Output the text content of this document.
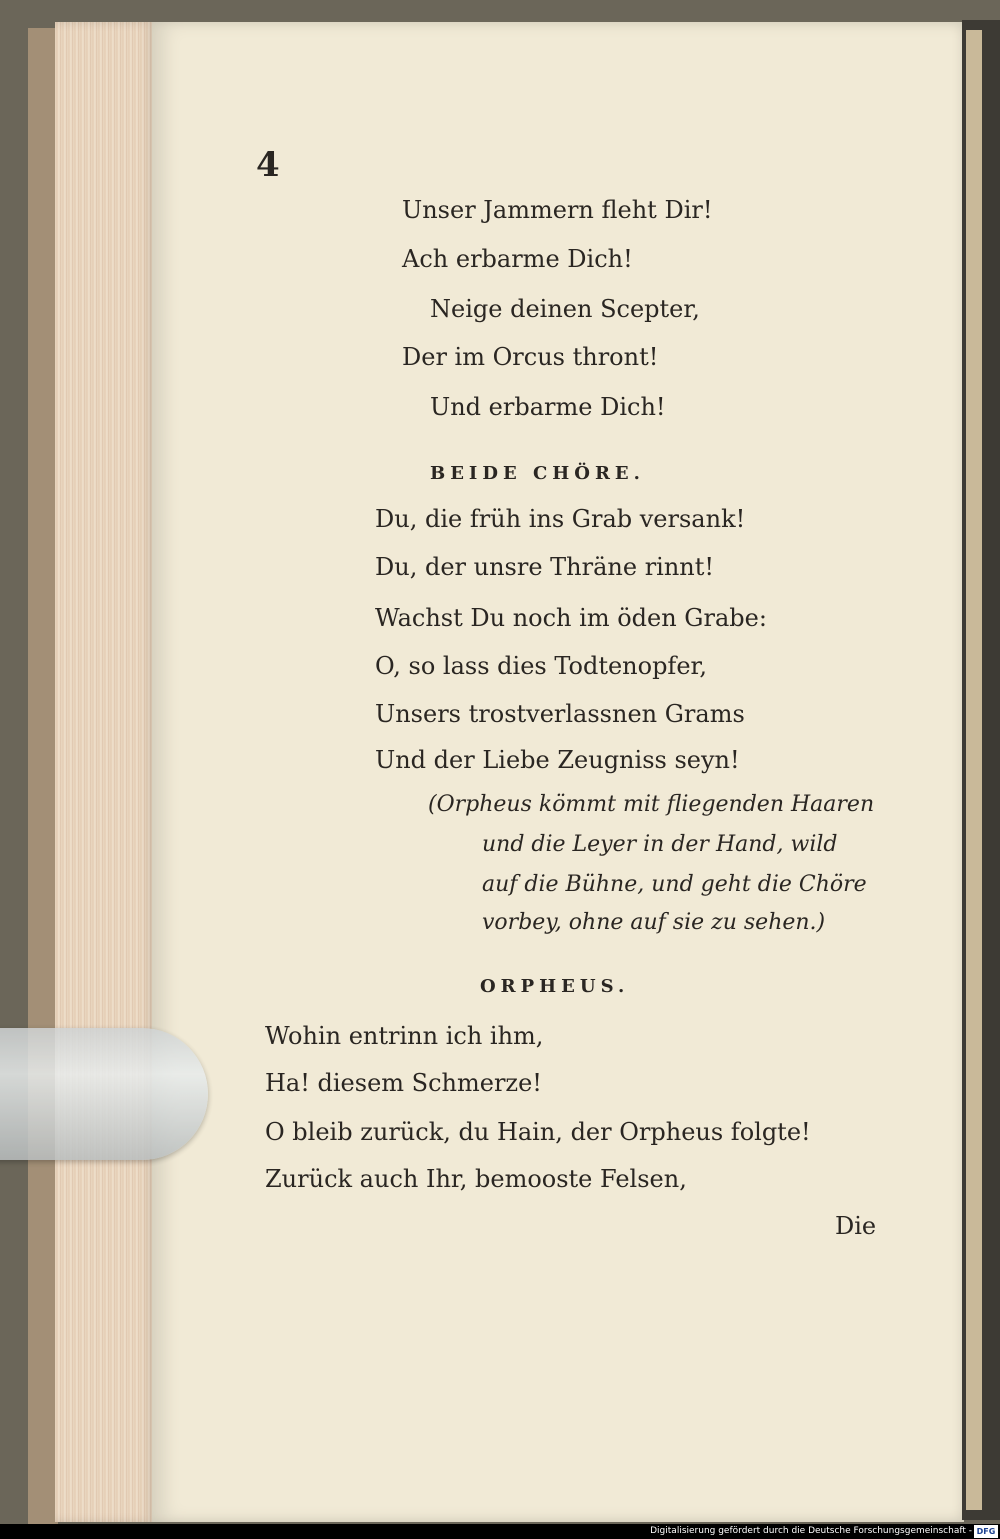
4
Unser Jammern fleht Dir!
Ach erbarme Dich!
Neige deinen Scepter,
Der im Orcus thront!
Und erbarme Dich!
BEIDE CHÖRE.
Du, die früh ins Grab versank!
Du, der unsre Thräne rinnt!
Wachst Du noch im öden Grabe:
O, so lass dies Todtenopfer,
Unsers trostverlassnen Grams
Und der Liebe Zeugniss seyn!
(Orpheus kömmt mit fliegenden Haaren
und die Leyer in der Hand, wild
auf die Bühne, und geht die Chöre
vorbey, ohne auf sie zu sehen.)
ORPHEUS.
Wohin entrinn ich ihm,
Ha! diesem Schmerze!
O bleib zurück, du Hain, der Orpheus folgte!
Zurück auch Ihr, bemooste Felsen,
Die
Digitalisierung gefördert durch die Deutsche Forschungsgemeinschaft - DFG
